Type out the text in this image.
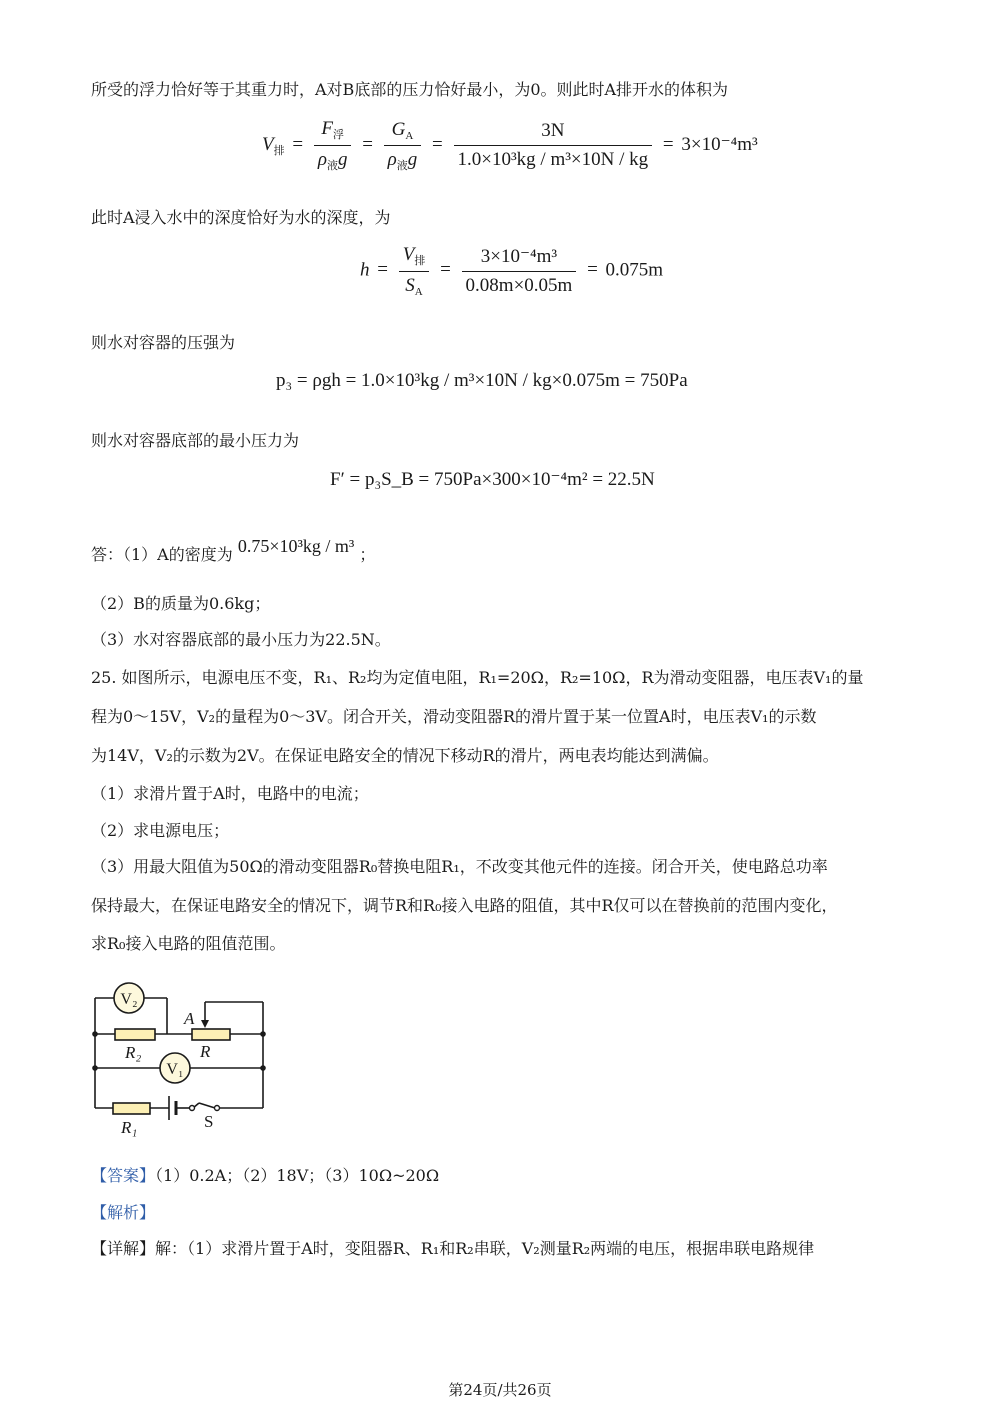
所受的浮力恰好等于其重力时，A对B底部的压力恰好最小，为0。则此时A排开水的体积为
$V_排 = \frac{F_浮}{\rho_液g} = \frac{G_A}{\rho_液g} = \frac{3N}{\text{1.0×10³kg / m³×10N / kg}} = 3\times 10^{-4}m^3$
此时A浸入水中的深度恰好为水的深度，为
$h = \frac{V_排}{S_A} = \frac{\text{3×10⁻⁴m³}}{0.08m\times 0.05m} = 0.075m$
则水对容器的压强为
p₃ = ρgh = 1.0×10³kg / m³×10N / kg×0.075m = 750Pa
则水对容器底部的最小压力为
F′ = p₃S_B = 750Pa×300×10⁻⁴m² = 22.5N
答：（1）A的密度为 0.75×10³kg / m³ ；
（2）B的质量为0.6kg；
（3）水对容器底部的最小压力为22.5N。
25. 如图所示，电源电压不变，R₁、R₂均为定值电阻，R₁=20Ω，R₂=10Ω，R为滑动变阻器，电压表V₁的量
程为0～15V，V₂的量程为0～3V。闭合开关，滑动变阻器R的滑片置于某一位置A时，电压表V₁的示数
为14V，V₂的示数为2V。在保证电路安全的情况下移动R的滑片，两电表均能达到满偏。
（1）求滑片置于A时，电路中的电流；
（2）求电源电压；
（3）用最大阻值为50Ω的滑动变阻器R₀替换电阻R₁，不改变其他元件的连接。闭合开关，使电路总功率
保持最大，在保证电路安全的情况下，调节R和R₀接入电路的阻值，其中R仅可以在替换前的范围内变化，
求R₀接入电路的阻值范围。
V₂
R₂
A
R
V₁
R₁	S
【答案】（1）0.2A；（2）18V；（3）10Ω~20Ω
【解析】
【详解】解：（1）求滑片置于A时，变阻器R、R₁和R₂串联，V₂测量R₂两端的电压，根据串联电路规律
第24页/共26页
